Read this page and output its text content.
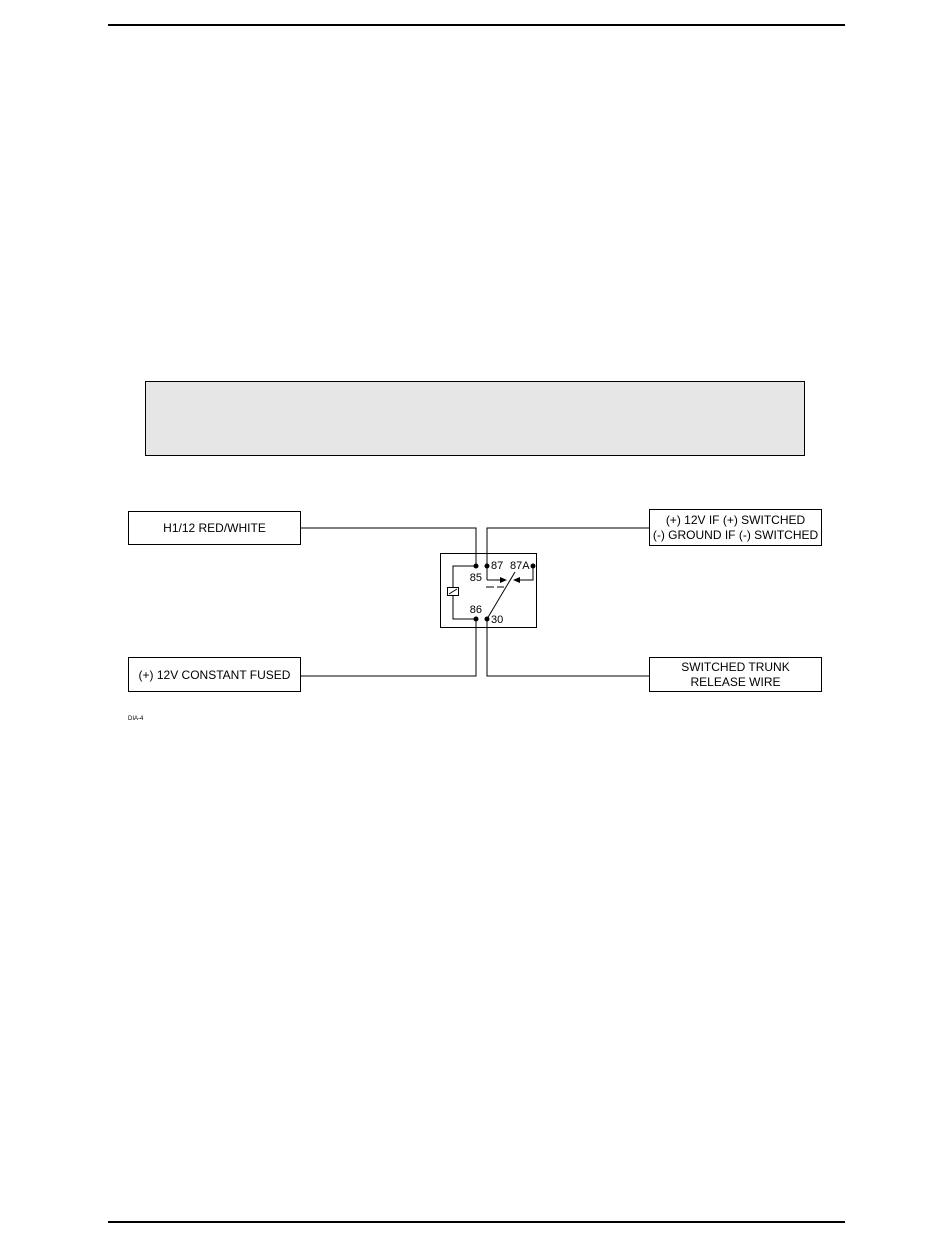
H1/12 RED/WHITE
(+) 12V CONSTANT FUSED
(+) 12V IF (+) SWITCHED
(-) GROUND IF (-) SWITCHED
SWITCHED TRUNK
RELEASE WIRE
85
87 87A
86
30
DIA-4
